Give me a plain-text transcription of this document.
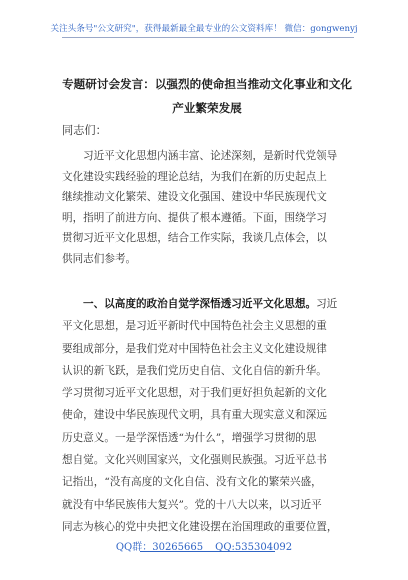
关注头条号"公文研究"，获得最新最全最专业的公文资料库！ 微信：gongwenyj
专题研讨会发言：以强烈的使命担当推动文化事业和文化
产业繁荣发展
同志们：
习近平文化思想内涵丰富、论述深刻，是新时代党领导
文化建设实践经验的理论总结，为我们在新的历史起点上
继续推动文化繁荣、建设文化强国、建设中华民族现代文
明，指明了前进方向、提供了根本遵循。下面，围绕学习
贯彻习近平文化思想，结合工作实际，我谈几点体会，以
供同志们参考。
一、以高度的政治自觉学深悟透习近平文化思想。习近
平文化思想，是习近平新时代中国特色社会主义思想的重
要组成部分，是我们党对中国特色社会主义文化建设规律
认识的新飞跃，是我们党历史自信、文化自信的新升华。
学习贯彻习近平文化思想，对于我们更好担负起新的文化
使命，建设中华民族现代文明，具有重大现实意义和深远
历史意义。一是学深悟透“为什么”，增强学习贯彻的思
想自觉。文化兴则国家兴，文化强则民族强。习近平总书
记指出，“没有高度的文化自信、没有文化的繁荣兴盛，
就没有中华民族伟大复兴”。党的十八大以来，以习近平
同志为核心的党中央把文化建设摆在治国理政的重要位置，
QQ群：30265665 QQ:535304092
